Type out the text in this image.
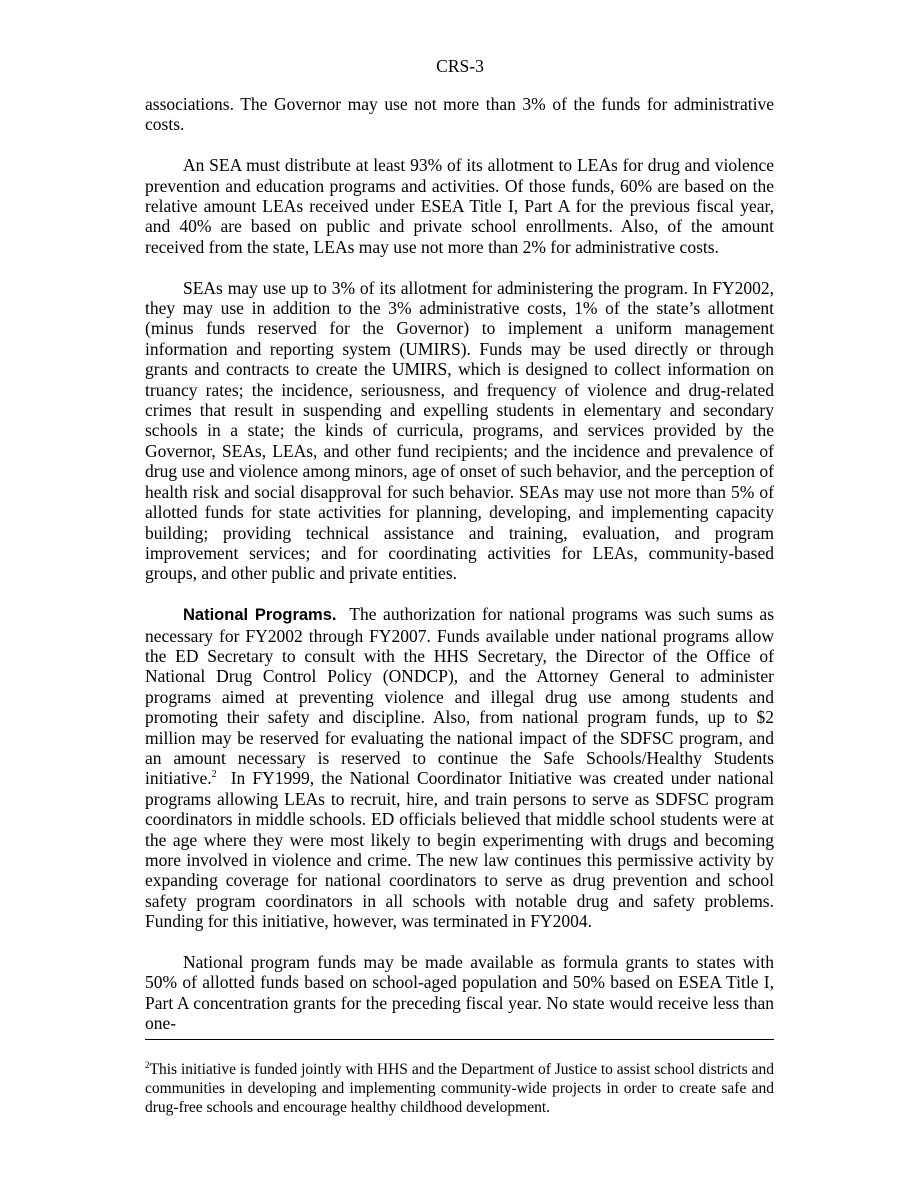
CRS-3

associations. The Governor may use not more than 3% of the funds for administrative costs.

An SEA must distribute at least 93% of its allotment to LEAs for drug and violence prevention and education programs and activities. Of those funds, 60% are based on the relative amount LEAs received under ESEA Title I, Part A for the previous fiscal year, and 40% are based on public and private school enrollments. Also, of the amount received from the state, LEAs may use not more than 2% for administrative costs.

SEAs may use up to 3% of its allotment for administering the program. In FY2002, they may use in addition to the 3% administrative costs, 1% of the state’s allotment (minus funds reserved for the Governor) to implement a uniform management information and reporting system (UMIRS). Funds may be used directly or through grants and contracts to create the UMIRS, which is designed to collect information on truancy rates; the incidence, seriousness, and frequency of violence and drug-related crimes that result in suspending and expelling students in elementary and secondary schools in a state; the kinds of curricula, programs, and services provided by the Governor, SEAs, LEAs, and other fund recipients; and the incidence and prevalence of drug use and violence among minors, age of onset of such behavior, and the perception of health risk and social disapproval for such behavior. SEAs may use not more than 5% of allotted funds for state activities for planning, developing, and implementing capacity building; providing technical assistance and training, evaluation, and program improvement services; and for coordinating activities for LEAs, community-based groups, and other public and private entities.

National Programs. The authorization for national programs was such sums as necessary for FY2002 through FY2007. Funds available under national programs allow the ED Secretary to consult with the HHS Secretary, the Director of the Office of National Drug Control Policy (ONDCP), and the Attorney General to administer programs aimed at preventing violence and illegal drug use among students and promoting their safety and discipline. Also, from national program funds, up to $2 million may be reserved for evaluating the national impact of the SDFSC program, and an amount necessary is reserved to continue the Safe Schools/Healthy Students initiative.$^2$ In FY1999, the National Coordinator Initiative was created under national programs allowing LEAs to recruit, hire, and train persons to serve as SDFSC program coordinators in middle schools. ED officials believed that middle school students were at the age where they were most likely to begin experimenting with drugs and becoming more involved in violence and crime. The new law continues this permissive activity by expanding coverage for national coordinators to serve as drug prevention and school safety program coordinators in all schools with notable drug and safety problems. Funding for this initiative, however, was terminated in FY2004.

National program funds may be made available as formula grants to states with 50% of allotted funds based on school-aged population and 50% based on ESEA Title I, Part A concentration grants for the preceding fiscal year. No state would receive less than one-

$^2$This initiative is funded jointly with HHS and the Department of Justice to assist school districts and communities in developing and implementing community-wide projects in order to create safe and drug-free schools and encourage healthy childhood development.
